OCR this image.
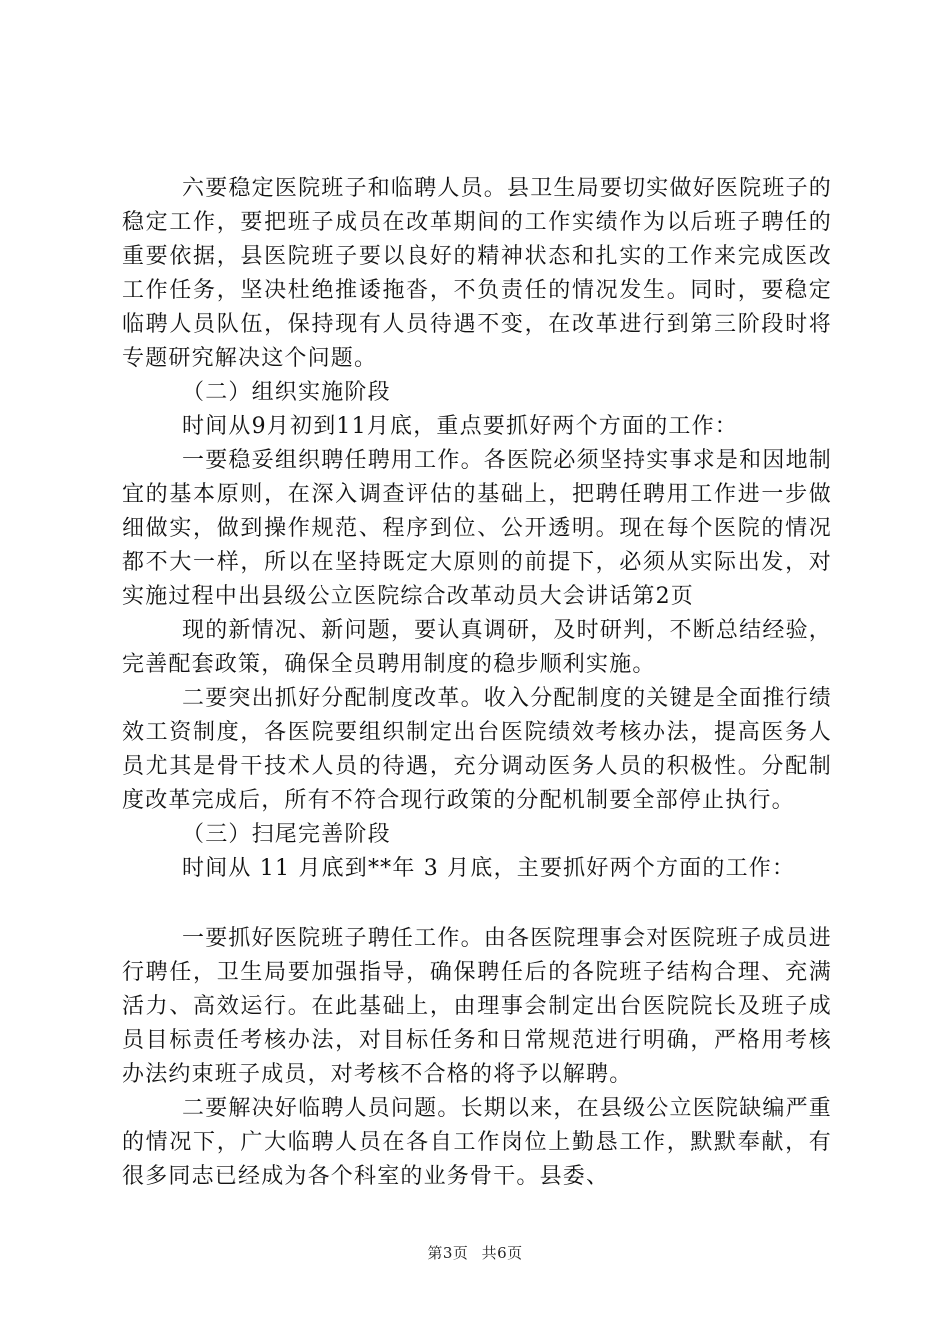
六要稳定医院班子和临聘人员。县卫生局要切实做好医院班子的稳定工作，要把班子成员在改革期间的工作实绩作为以后班子聘任的重要依据，县医院班子要以良好的精神状态和扎实的工作来完成医改工作任务，坚决杜绝推诿拖沓，不负责任的情况发生。同时，要稳定临聘人员队伍，保持现有人员待遇不变，在改革进行到第三阶段时将专题研究解决这个问题。

（二）组织实施阶段

时间从9月初到11月底，重点要抓好两个方面的工作：

一要稳妥组织聘任聘用工作。各医院必须坚持实事求是和因地制宜的基本原则，在深入调查评估的基础上，把聘任聘用工作进一步做细做实，做到操作规范、程序到位、公开透明。现在每个医院的情况都不大一样，所以在坚持既定大原则的前提下，必须从实际出发，对实施过程中出县级公立医院综合改革动员大会讲话第2页

现的新情况、新问题，要认真调研，及时研判，不断总结经验，完善配套政策，确保全员聘用制度的稳步顺利实施。

二要突出抓好分配制度改革。收入分配制度的关键是全面推行绩效工资制度，各医院要组织制定出台医院绩效考核办法，提高医务人员尤其是骨干技术人员的待遇，充分调动医务人员的积极性。分配制度改革完成后，所有不符合现行政策的分配机制要全部停止执行。

（三）扫尾完善阶段

时间从 11 月底到**年 3 月底，主要抓好两个方面的工作：

一要抓好医院班子聘任工作。由各医院理事会对医院班子成员进行聘任，卫生局要加强指导，确保聘任后的各院班子结构合理、充满活力、高效运行。在此基础上，由理事会制定出台医院院长及班子成员目标责任考核办法，对目标任务和日常规范进行明确，严格用考核办法约束班子成员，对考核不合格的将予以解聘。

二要解决好临聘人员问题。长期以来，在县级公立医院缺编严重的情况下，广大临聘人员在各自工作岗位上勤恳工作，默默奉献，有很多同志已经成为各个科室的业务骨干。县委、

第3页 共6页
